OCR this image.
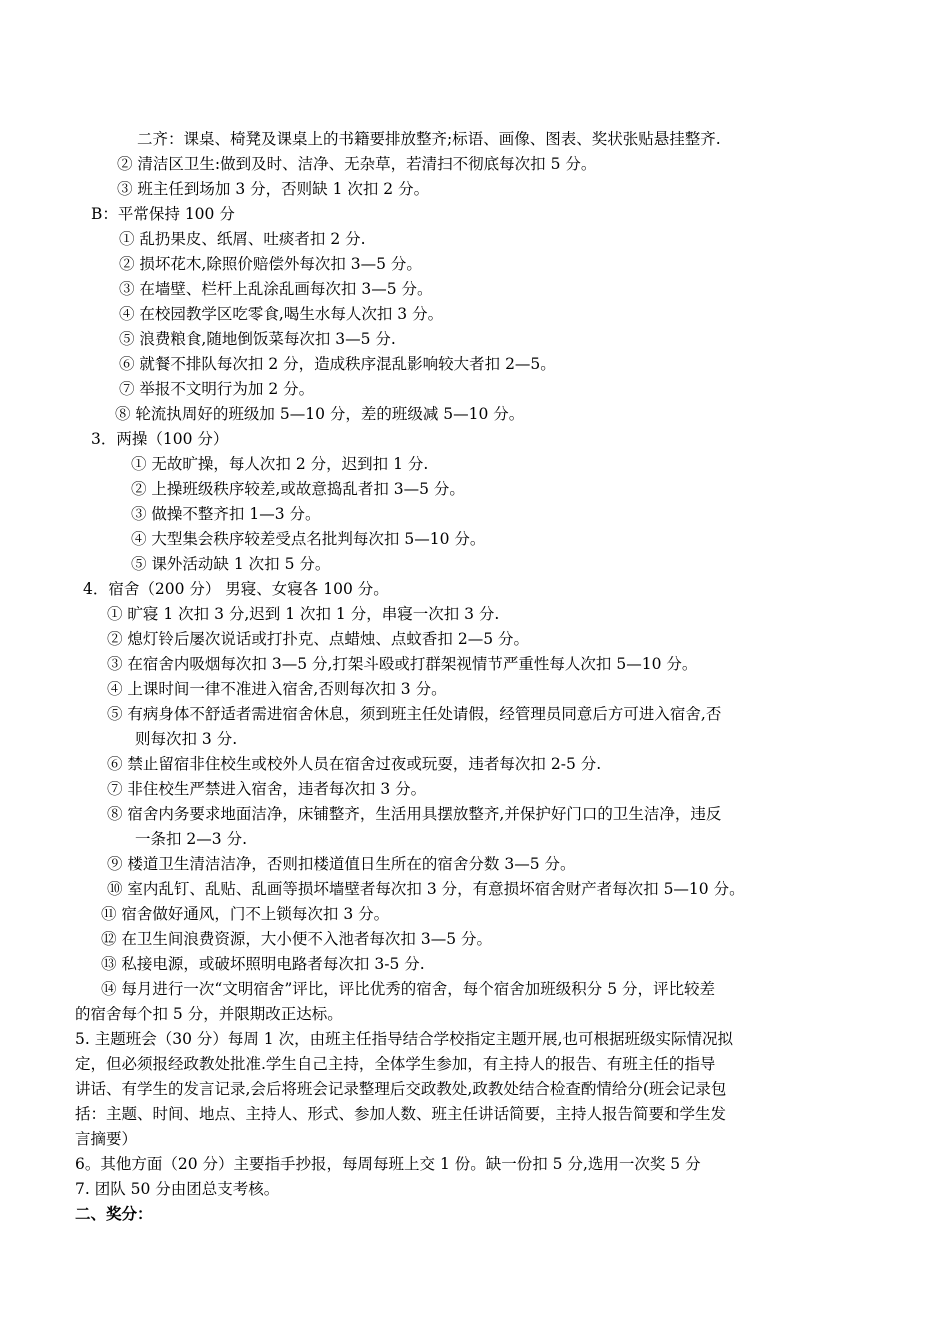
二齐：课桌、椅凳及课桌上的书籍要排放整齐;标语、画像、图表、奖状张贴悬挂整齐.
② 清洁区卫生:做到及时、洁净、无杂草，若清扫不彻底每次扣 5 分。
③ 班主任到场加 3 分，否则缺 1 次扣 2 分。
B：平常保持 100 分
① 乱扔果皮、纸屑、吐痰者扣 2 分.
② 损坏花木,除照价赔偿外每次扣 3—5 分。
③ 在墙壁、栏杆上乱涂乱画每次扣 3—5 分。
④ 在校园教学区吃零食,喝生水每人次扣 3 分。
⑤ 浪费粮食,随地倒饭菜每次扣 3—5 分.
⑥ 就餐不排队每次扣 2 分，造成秩序混乱影响较大者扣 2—5。
⑦ 举报不文明行为加 2 分。
⑧ 轮流执周好的班级加 5—10 分，差的班级减 5—10 分。
3．两操（100 分）
① 无故旷操，每人次扣 2 分，迟到扣 1 分.
② 上操班级秩序较差,或故意捣乱者扣 3—5 分。
③ 做操不整齐扣 1—3 分。
④ 大型集会秩序较差受点名批判每次扣 5—10 分。
⑤ 课外活动缺 1 次扣 5 分。
4．宿舍（200 分） 男寝、女寝各 100 分。
① 旷寝 1 次扣 3 分,迟到 1 次扣 1 分，串寝一次扣 3 分.
② 熄灯铃后屡次说话或打扑克、点蜡烛、点蚊香扣 2—5 分。
③ 在宿舍内吸烟每次扣 3—5 分,打架斗殴或打群架视情节严重性每人次扣 5—10 分。
④ 上课时间一律不准进入宿舍,否则每次扣 3 分。
⑤ 有病身体不舒适者需进宿舍休息，须到班主任处请假，经管理员同意后方可进入宿舍,否
则每次扣 3 分.
⑥ 禁止留宿非住校生或校外人员在宿舍过夜或玩耍，违者每次扣 2-5 分.
⑦ 非住校生严禁进入宿舍，违者每次扣 3 分。
⑧ 宿舍内务要求地面洁净，床铺整齐，生活用具摆放整齐,并保护好门口的卫生洁净，违反
一条扣 2—3 分.
⑨ 楼道卫生清洁洁净，否则扣楼道值日生所在的宿舍分数 3—5 分。
⑩ 室内乱钉、乱贴、乱画等损坏墙壁者每次扣 3 分，有意损坏宿舍财产者每次扣 5—10 分。
⑪ 宿舍做好通风，门不上锁每次扣 3 分。
⑫ 在卫生间浪费资源，大小便不入池者每次扣 3—5 分。
⑬ 私接电源，或破坏照明电路者每次扣 3-5 分.
⑭ 每月进行一次“文明宿舍”评比，评比优秀的宿舍，每个宿舍加班级积分 5 分，评比较差
的宿舍每个扣 5 分，并限期改正达标。
5. 主题班会（30 分）每周 1 次，由班主任指导结合学校指定主题开展,也可根据班级实际情况拟
定，但必须报经政教处批准.学生自己主持，全体学生参加，有主持人的报告、有班主任的指导
讲话、有学生的发言记录,会后将班会记录整理后交政教处,政教处结合检查酌情给分(班会记录包
括：主题、时间、地点、主持人、形式、参加人数、班主任讲话简要，主持人报告简要和学生发
言摘要）
6。其他方面（20 分）主要指手抄报，每周每班上交 1 份。缺一份扣 5 分,选用一次奖 5 分
7. 团队 50 分由团总支考核。
二、奖分：
